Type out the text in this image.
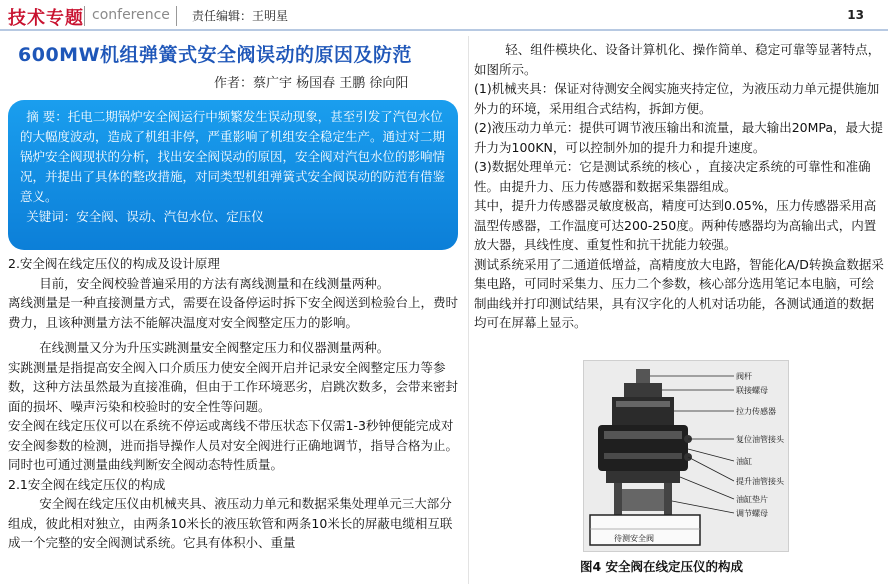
技术专题 conference 责任编辑：王明星	13
600MW机组弹簧式安全阀误动的原因及防范
作者：蔡广宇 杨国春 王鹏 徐向阳

摘 要：托电二期锅炉安全阀运行中频繁发生误动现象，甚至引发了汽包水位的大幅度波动，造成了机组非停，严重影响了机组安全稳定生产。通过对二期锅炉安全阀现状的分析，找出安全阀误动的原因，安全阀对汽包水位的影响情况，并提出了具体的整改措施，对同类型机组弹簧式安全阀误动的防范有借鉴意义。

关键词：安全阀、误动、汽包水位、定压仪

2.安全阀在线定压仪的构成及设计原理

目前，安全阀校验普遍采用的方法有离线测量和在线测量两种。

离线测量是一种直接测量方式，需要在设备停运时拆下安全阀送到检验台上，费时费力，且该种测量方法不能解决温度对安全阀整定压力的影响。

在线测量又分为升压实跳测量安全阀整定压力和仪器测量两种。

实跳测量是指提高安全阀入口介质压力使安全阀开启并记录安全阀整定压力等参数，这种方法虽然最为直接准确，但由于工作环境恶劣，启跳次数多，会带来密封面的损坏、噪声污染和校验时的安全性等问题。

安全阀在线定压仪可以在系统不停运或离线不带压状态下仅需1-3秒钟便能完成对安全阀参数的检测，进而指导操作人员对安全阀进行正确地调节，指导合格为止。同时也可通过测量曲线判断安全阀动态特性质量。

2.1安全阀在线定压仪的构成

安全阀在线定压仪由机械夹具、液压动力单元和数据采集处理单元三大部分组成，彼此相对独立，由两条10米长的液压软管和两条10米长的屏蔽电缆相互联成一个完整的安全阀测试系统。它具有体积小、重量

轻、组件模块化、设备计算机化、操作简单、稳定可靠等显著特点，如图所示。

(1)机械夹具：保证对待测安全阀实施夹持定位，为液压动力单元提供施加外力的环境，采用组合式结构，拆卸方便。

(2)液压动力单元：提供可调节液压输出和流量，最大输出20MPa，最大提升力为100KN，可以控制外加的提升力和提升速度。

(3)数据处理单元：它是测试系统的核心 ，直接决定系统的可靠性和准确性。由提升力、压力传感器和数据采集器组成。

其中，提升力传感器灵敏度极高，精度可达到0.05%，压力传感器采用高温型传感器，工作温度可达200-250度。两种传感器均为高输出式，内置放大器，具线性度、重复性和抗干扰能力较强。

测试系统采用了二通道低增益，高精度放大电路，智能化A/D转换盒数据采集电路，可同时采集力、压力二个参数，核心部分选用笔记本电脑，可绘制曲线并打印测试结果，具有汉字化的人机对话功能，各测试通道的数据均可在屏幕上显示。

阀杆
联接螺母
拉力传感器
复位油管接头
油缸
提升油管接头
油缸垫片
调节螺母
待测安全阀
图4 安全阀在线定压仪的构成
